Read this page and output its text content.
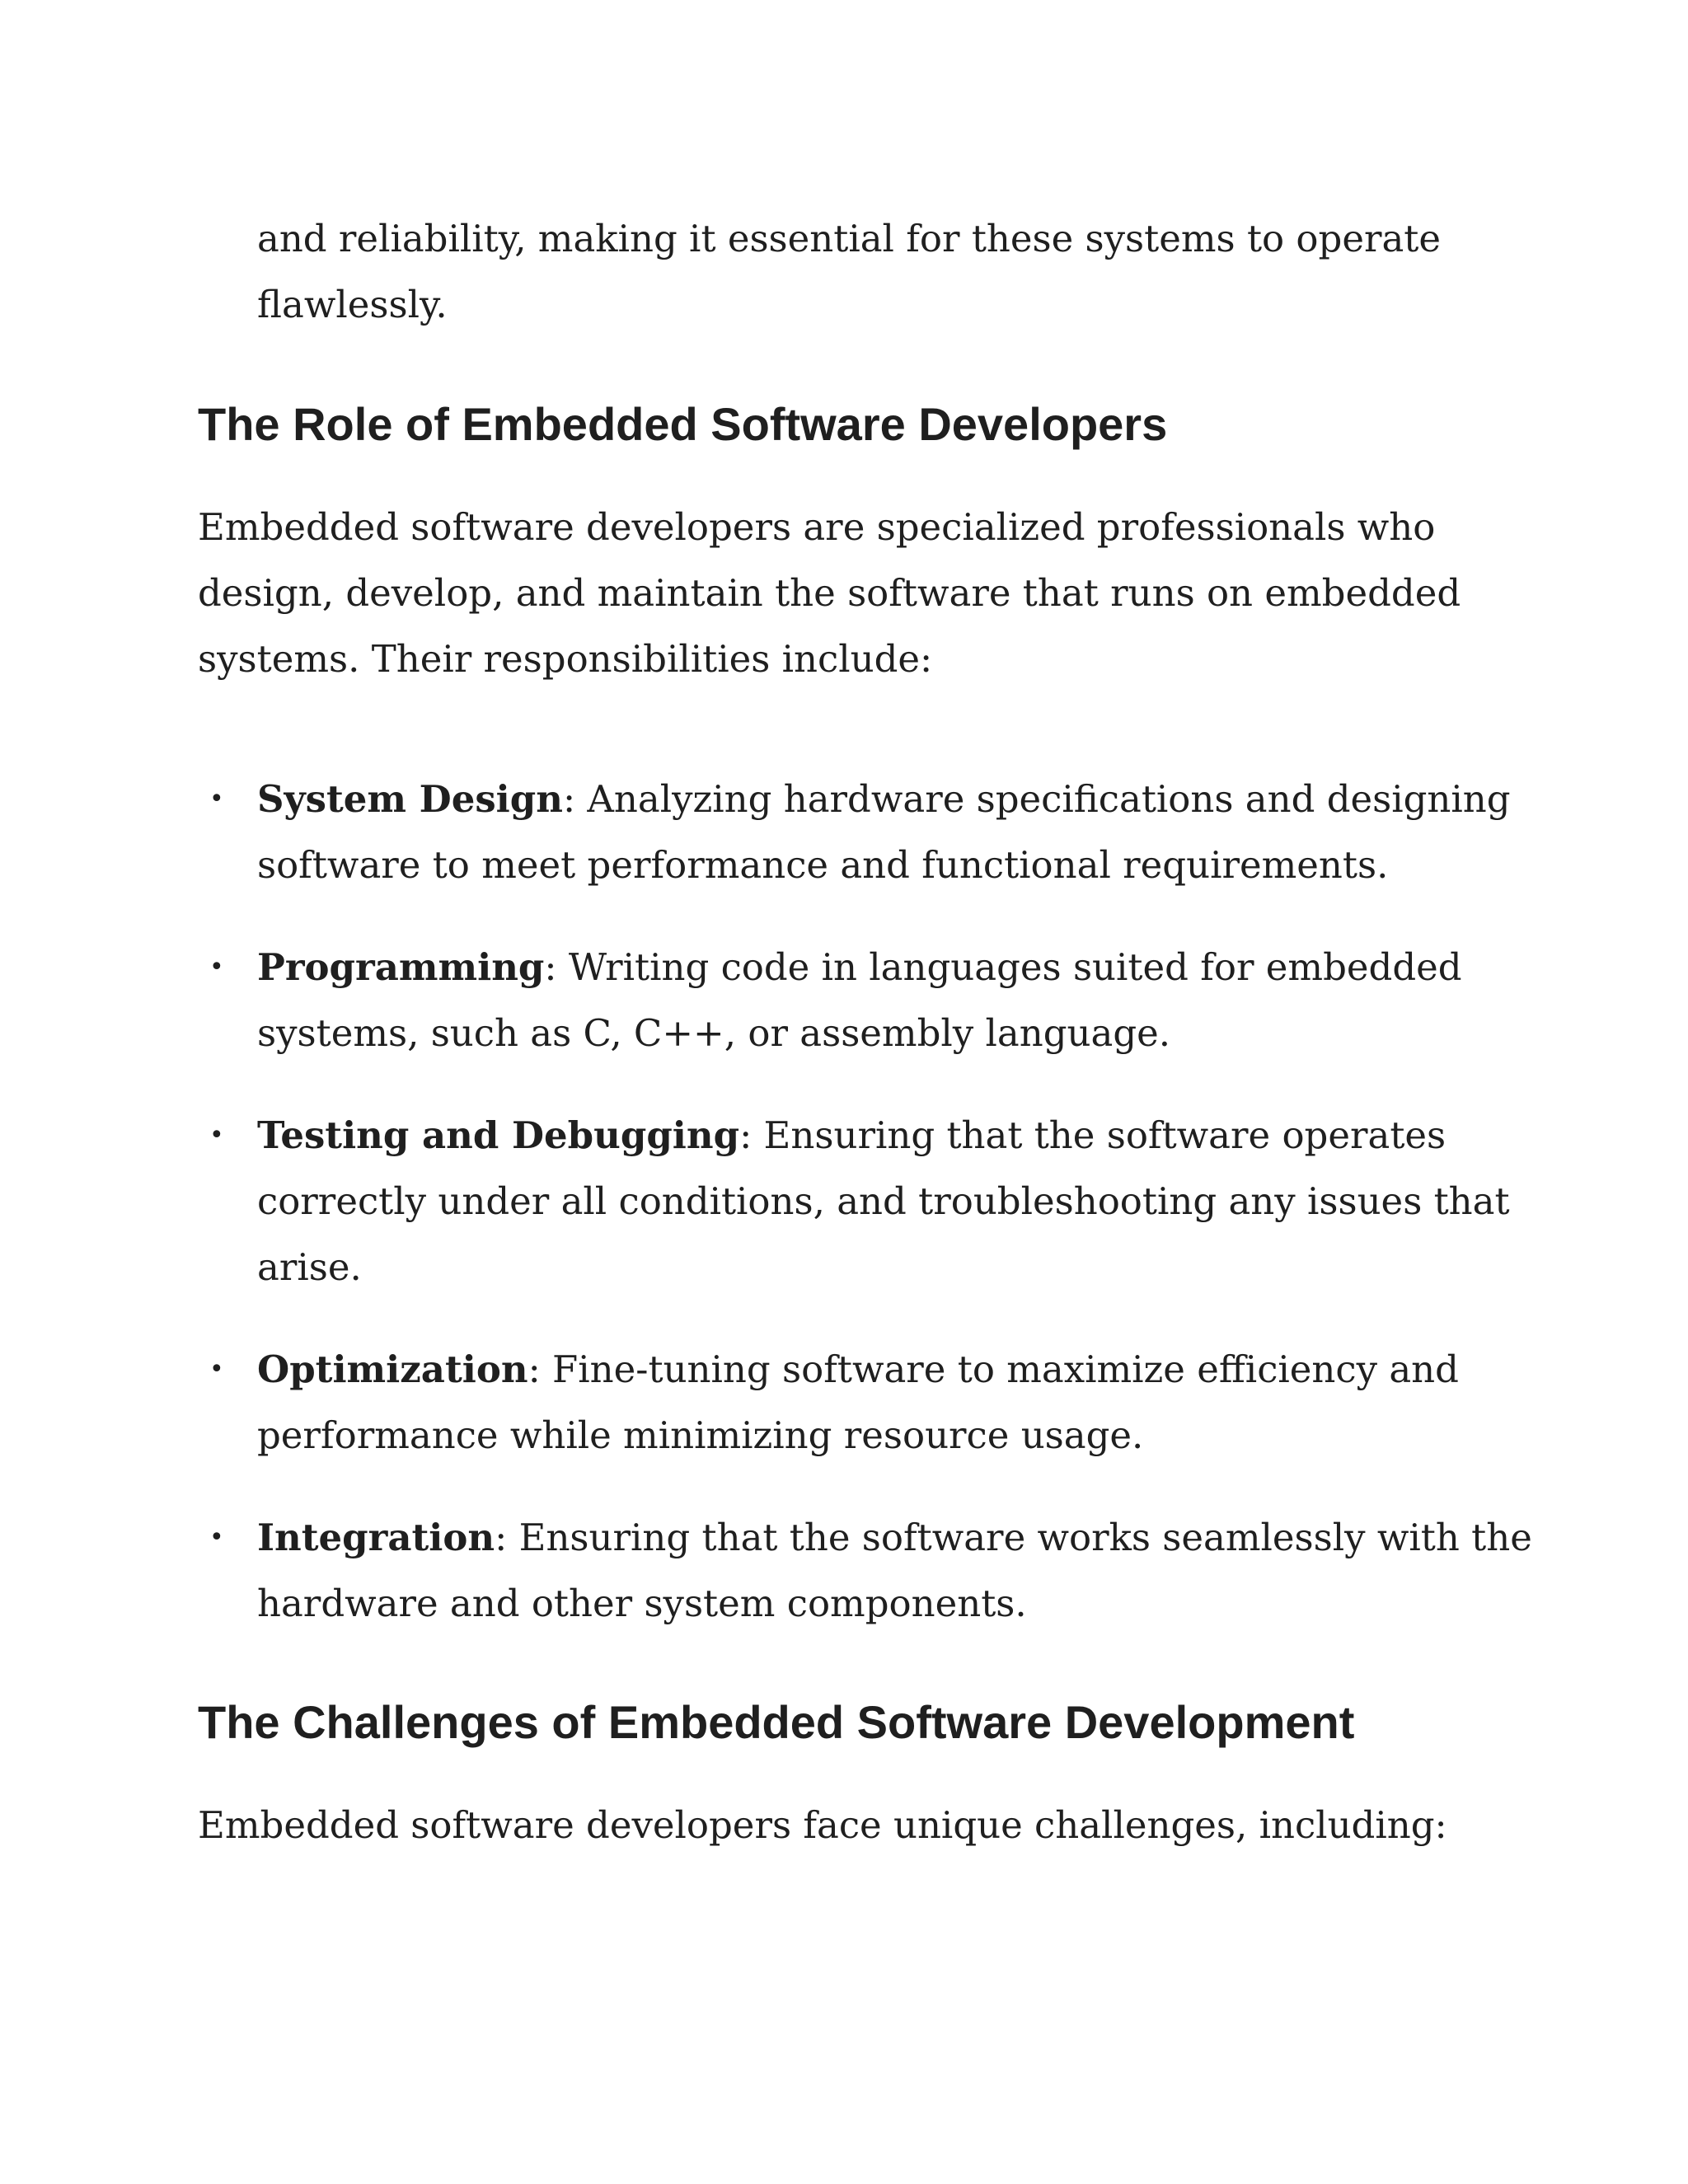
and reliability, making it essential for these systems to operate flawlessly.

The Role of Embedded Software Developers

Embedded software developers are specialized professionals who design, develop, and maintain the software that runs on embedded systems. Their responsibilities include:

• System Design: Analyzing hardware specifications and designing software to meet performance and functional requirements.
• Programming: Writing code in languages suited for embedded systems, such as C, C++, or assembly language.
• Testing and Debugging: Ensuring that the software operates correctly under all conditions, and troubleshooting any issues that arise.
• Optimization: Fine-tuning software to maximize efficiency and performance while minimizing resource usage.
• Integration: Ensuring that the software works seamlessly with the hardware and other system components.
The Challenges of Embedded Software Development

Embedded software developers face unique challenges, including:
